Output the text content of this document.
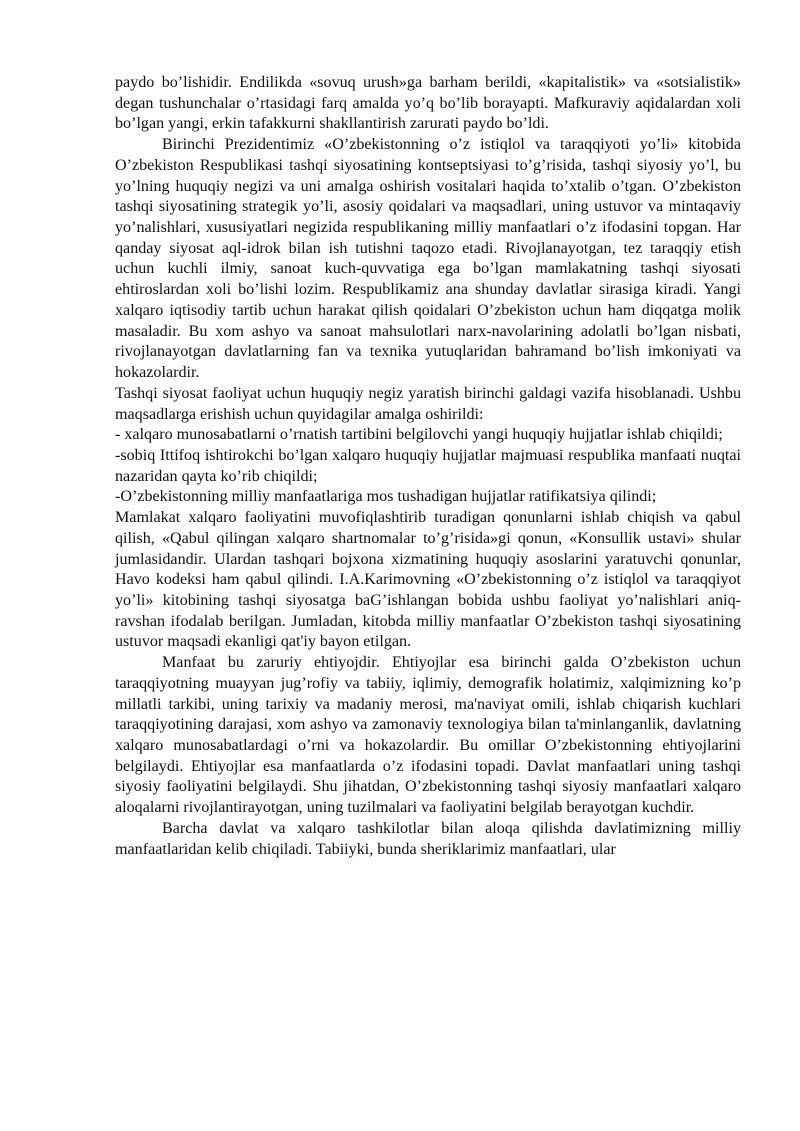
paydo bo’lishidir. Endilikda «sovuq urush»ga barham berildi, «kapitalistik» va «sotsialistik» degan tushunchalar o’rtasidagi farq amalda yo’q bo’lib borayapti. Mafkuraviy aqidalardan xoli bo’lgan yangi, erkin tafakkurni shakllantirish zarurati paydo bo’ldi.

Birinchi Prezidentimiz «O’zbekistonning o’z istiqlol va taraqqiyoti yo’li» kitobida O’zbekiston Respublikasi tashqi siyosatining kontseptsiyasi to’g’risida, tashqi siyosiy yo’l, bu yo’lning huquqiy negizi va uni amalga oshirish vositalari haqida to’xtalib o’tgan. O’zbekiston tashqi siyosatining strategik yo’li, asosiy qoidalari va maqsadlari, uning ustuvor va mintaqaviy yo’nalishlari, xususiyatlari negizida respublikaning milliy manfaatlari o’z ifodasini topgan. Har qanday siyosat aql-idrok bilan ish tutishni taqozo etadi. Rivojlanayotgan, tez taraqqiy etish uchun kuchli ilmiy, sanoat kuch-quvvatiga ega bo’lgan mamlakatning tashqi siyosati ehtiroslardan xoli bo’lishi lozim. Respublikamiz ana shunday davlatlar sirasiga kiradi. Yangi xalqaro iqtisodiy tartib uchun harakat qilish qoidalari O’zbekiston uchun ham diqqatga molik masaladir. Bu xom ashyo va sanoat mahsulotlari narx-navolarining adolatli bo’lgan nisbati, rivojlanayotgan davlatlarning fan va texnika yutuqlaridan bahramand bo’lish imkoniyati va hokazolardir.

Tashqi siyosat faoliyat uchun huquqiy negiz yaratish birinchi galdagi vazifa hisoblanadi. Ushbu maqsadlarga erishish uchun quyidagilar amalga oshirildi:

- xalqaro munosabatlarni o’rnatish tartibini belgilovchi yangi huquqiy hujjatlar ishlab chiqildi;

-sobiq Ittifoq ishtirokchi bo’lgan xalqaro huquqiy hujjatlar majmuasi respublika manfaati nuqtai nazaridan qayta ko’rib chiqildi;

-O’zbekistonning milliy manfaatlariga mos tushadigan hujjatlar ratifikatsiya qilindi;

Mamlakat xalqaro faoliyatini muvofiqlashtirib turadigan qonunlarni ishlab chiqish va qabul qilish, «Qabul qilingan xalqaro shartnomalar to’g’risida»gi qonun, «Konsullik ustavi» shular jumlasidandir. Ulardan tashqari bojxona xizmatining huquqiy asoslarini yaratuvchi qonunlar, Havo kodeksi ham qabul qilindi. I.A.Karimovning «O’zbekistonning o’z istiqlol va taraqqiyot yo’li» kitobining tashqi siyosatga baG’ishlangan bobida ushbu faoliyat yo’nalishlari aniq-ravshan ifodalab berilgan. Jumladan, kitobda milliy manfaatlar O’zbekiston tashqi siyosatining ustuvor maqsadi ekanligi qat'iy bayon etilgan.

Manfaat bu zaruriy ehtiyojdir. Ehtiyojlar esa birinchi galda O’zbekiston uchun taraqqiyotning muayyan jug’rofiy va tabiiy, iqlimiy, demografik holatimiz, xalqimizning ko’p millatli tarkibi, uning tarixiy va madaniy merosi, ma'naviyat omili, ishlab chiqarish kuchlari taraqqiyotining darajasi, xom ashyo va zamonaviy texnologiya bilan ta'minlanganlik, davlatning xalqaro munosabatlardagi o’rni va hokazolardir. Bu omillar O’zbekistonning ehtiyojlarini belgilaydi. Ehtiyojlar esa manfaatlarda o’z ifodasini topadi. Davlat manfaatlari uning tashqi siyosiy faoliyatini belgilaydi. Shu jihatdan, O’zbekistonning tashqi siyosiy manfaatlari xalqaro aloqalarni rivojlantirayotgan, uning tuzilmalari va faoliyatini belgilab berayotgan kuchdir.

Barcha davlat va xalqaro tashkilotlar bilan aloqa qilishda davlatimizning milliy manfaatlaridan kelib chiqiladi. Tabiiyki, bunda sheriklarimiz manfaatlari, ular
